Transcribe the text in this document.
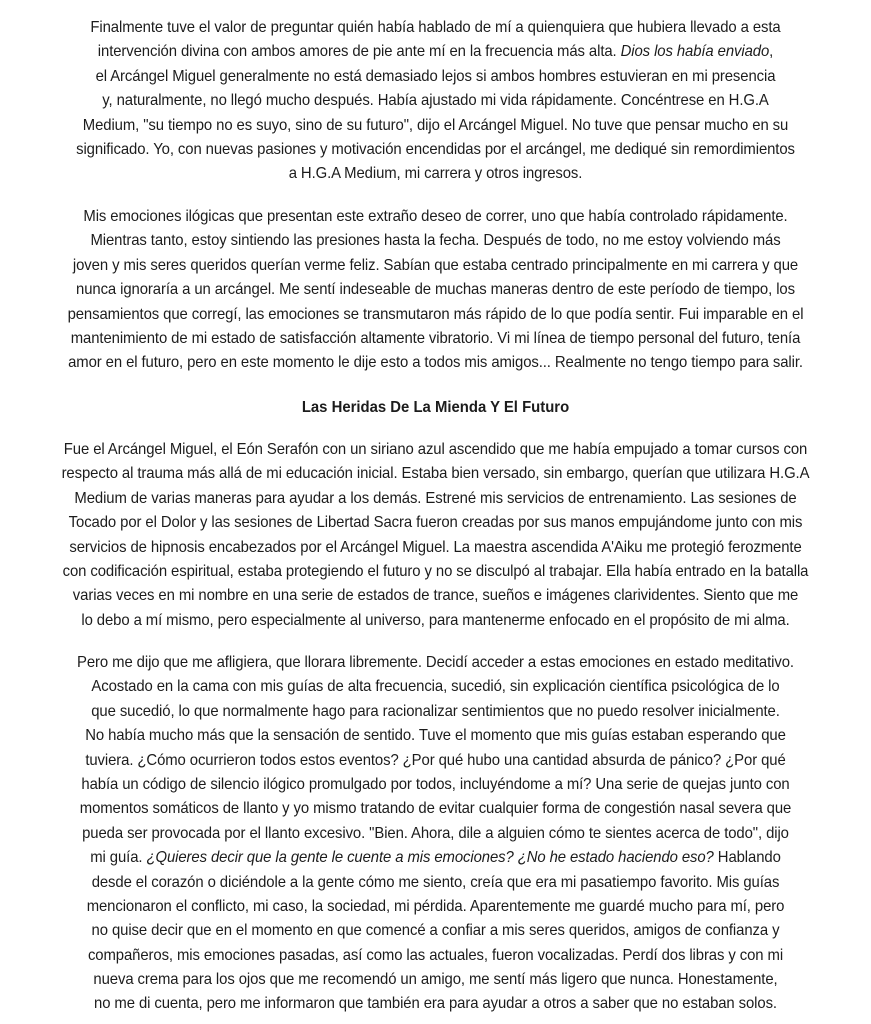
Finalmente tuve el valor de preguntar quién había hablado de mí a quienquiera que hubiera llevado a esta
intervención divina con ambos amores de pie ante mí en la frecuencia más alta. Dios los había enviado,
el Arcángel Miguel generalmente no está demasiado lejos si ambos hombres estuvieran en mi presencia
y, naturalmente, no llegó mucho después. Había ajustado mi vida rápidamente. Concéntrese en H.G.A
Medium, "su tiempo no es suyo, sino de su futuro", dijo el Arcángel Miguel. No tuve que pensar mucho en su
significado. Yo, con nuevas pasiones y motivación encendidas por el arcángel, me dediqué sin remordimientos
a H.G.A Medium, mi carrera y otros ingresos.
Mis emociones ilógicas que presentan este extraño deseo de correr, uno que había controlado rápidamente.
Mientras tanto, estoy sintiendo las presiones hasta la fecha. Después de todo, no me estoy volviendo más
joven y mis seres queridos querían verme feliz. Sabían que estaba centrado principalmente en mi carrera y que
nunca ignoraría a un arcángel. Me sentí indeseable de muchas maneras dentro de este período de tiempo, los
pensamientos que corregí, las emociones se transmutaron más rápido de lo que podía sentir. Fui imparable en el
mantenimiento de mi estado de satisfacción altamente vibratorio. Vi mi línea de tiempo personal del futuro, tenía
amor en el futuro, pero en este momento le dije esto a todos mis amigos... Realmente no tengo tiempo para salir.
Las Heridas De La Mienda Y El Futuro
Fue el Arcángel Miguel, el Eón Serafón con un siriano azul ascendido que me había empujado a tomar cursos con
respecto al trauma más allá de mi educación inicial. Estaba bien versado, sin embargo, querían que utilizara H.G.A
Medium de varias maneras para ayudar a los demás. Estrené mis servicios de entrenamiento. Las sesiones de
Tocado por el Dolor y las sesiones de Libertad Sacra fueron creadas por sus manos empujándome junto con mis
servicios de hipnosis encabezados por el Arcángel Miguel. La maestra ascendida A'Aiku me protegió ferozmente
con codificación espiritual, estaba protegiendo el futuro y no se disculpó al trabajar. Ella había entrado en la batalla
varias veces en mi nombre en una serie de estados de trance, sueños e imágenes clarividentes. Siento que me
lo debo a mí mismo, pero especialmente al universo, para mantenerme enfocado en el propósito de mi alma.
Pero me dijo que me afligiera, que llorara libremente. Decidí acceder a estas emociones en estado meditativo.
Acostado en la cama con mis guías de alta frecuencia, sucedió, sin explicación científica psicológica de lo
que sucedió, lo que normalmente hago para racionalizar sentimientos que no puedo resolver inicialmente.
No había mucho más que la sensación de sentido. Tuve el momento que mis guías estaban esperando que
tuviera. ¿Cómo ocurrieron todos estos eventos? ¿Por qué hubo una cantidad absurda de pánico? ¿Por qué
había un código de silencio ilógico promulgado por todos, incluyéndome a mí? Una serie de quejas junto con
momentos somáticos de llanto y yo mismo tratando de evitar cualquier forma de congestión nasal severa que
pueda ser provocada por el llanto excesivo. "Bien. Ahora, dile a alguien cómo te sientes acerca de todo", dijo
mi guía. ¿Quieres decir que la gente le cuente a mis emociones? ¿No he estado haciendo eso? Hablando
desde el corazón o diciéndole a la gente cómo me siento, creía que era mi pasatiempo favorito. Mis guías
mencionaron el conflicto, mi caso, la sociedad, mi pérdida. Aparentemente me guardé mucho para mí, pero
no quise decir que en el momento en que comencé a confiar a mis seres queridos, amigos de confianza y
compañeros, mis emociones pasadas, así como las actuales, fueron vocalizadas. Perdí dos libras y con mi
nueva crema para los ojos que me recomendó un amigo, me sentí más ligero que nunca. Honestamente,
no me di cuenta, pero me informaron que también era para ayudar a otros a saber que no estaban solos.
